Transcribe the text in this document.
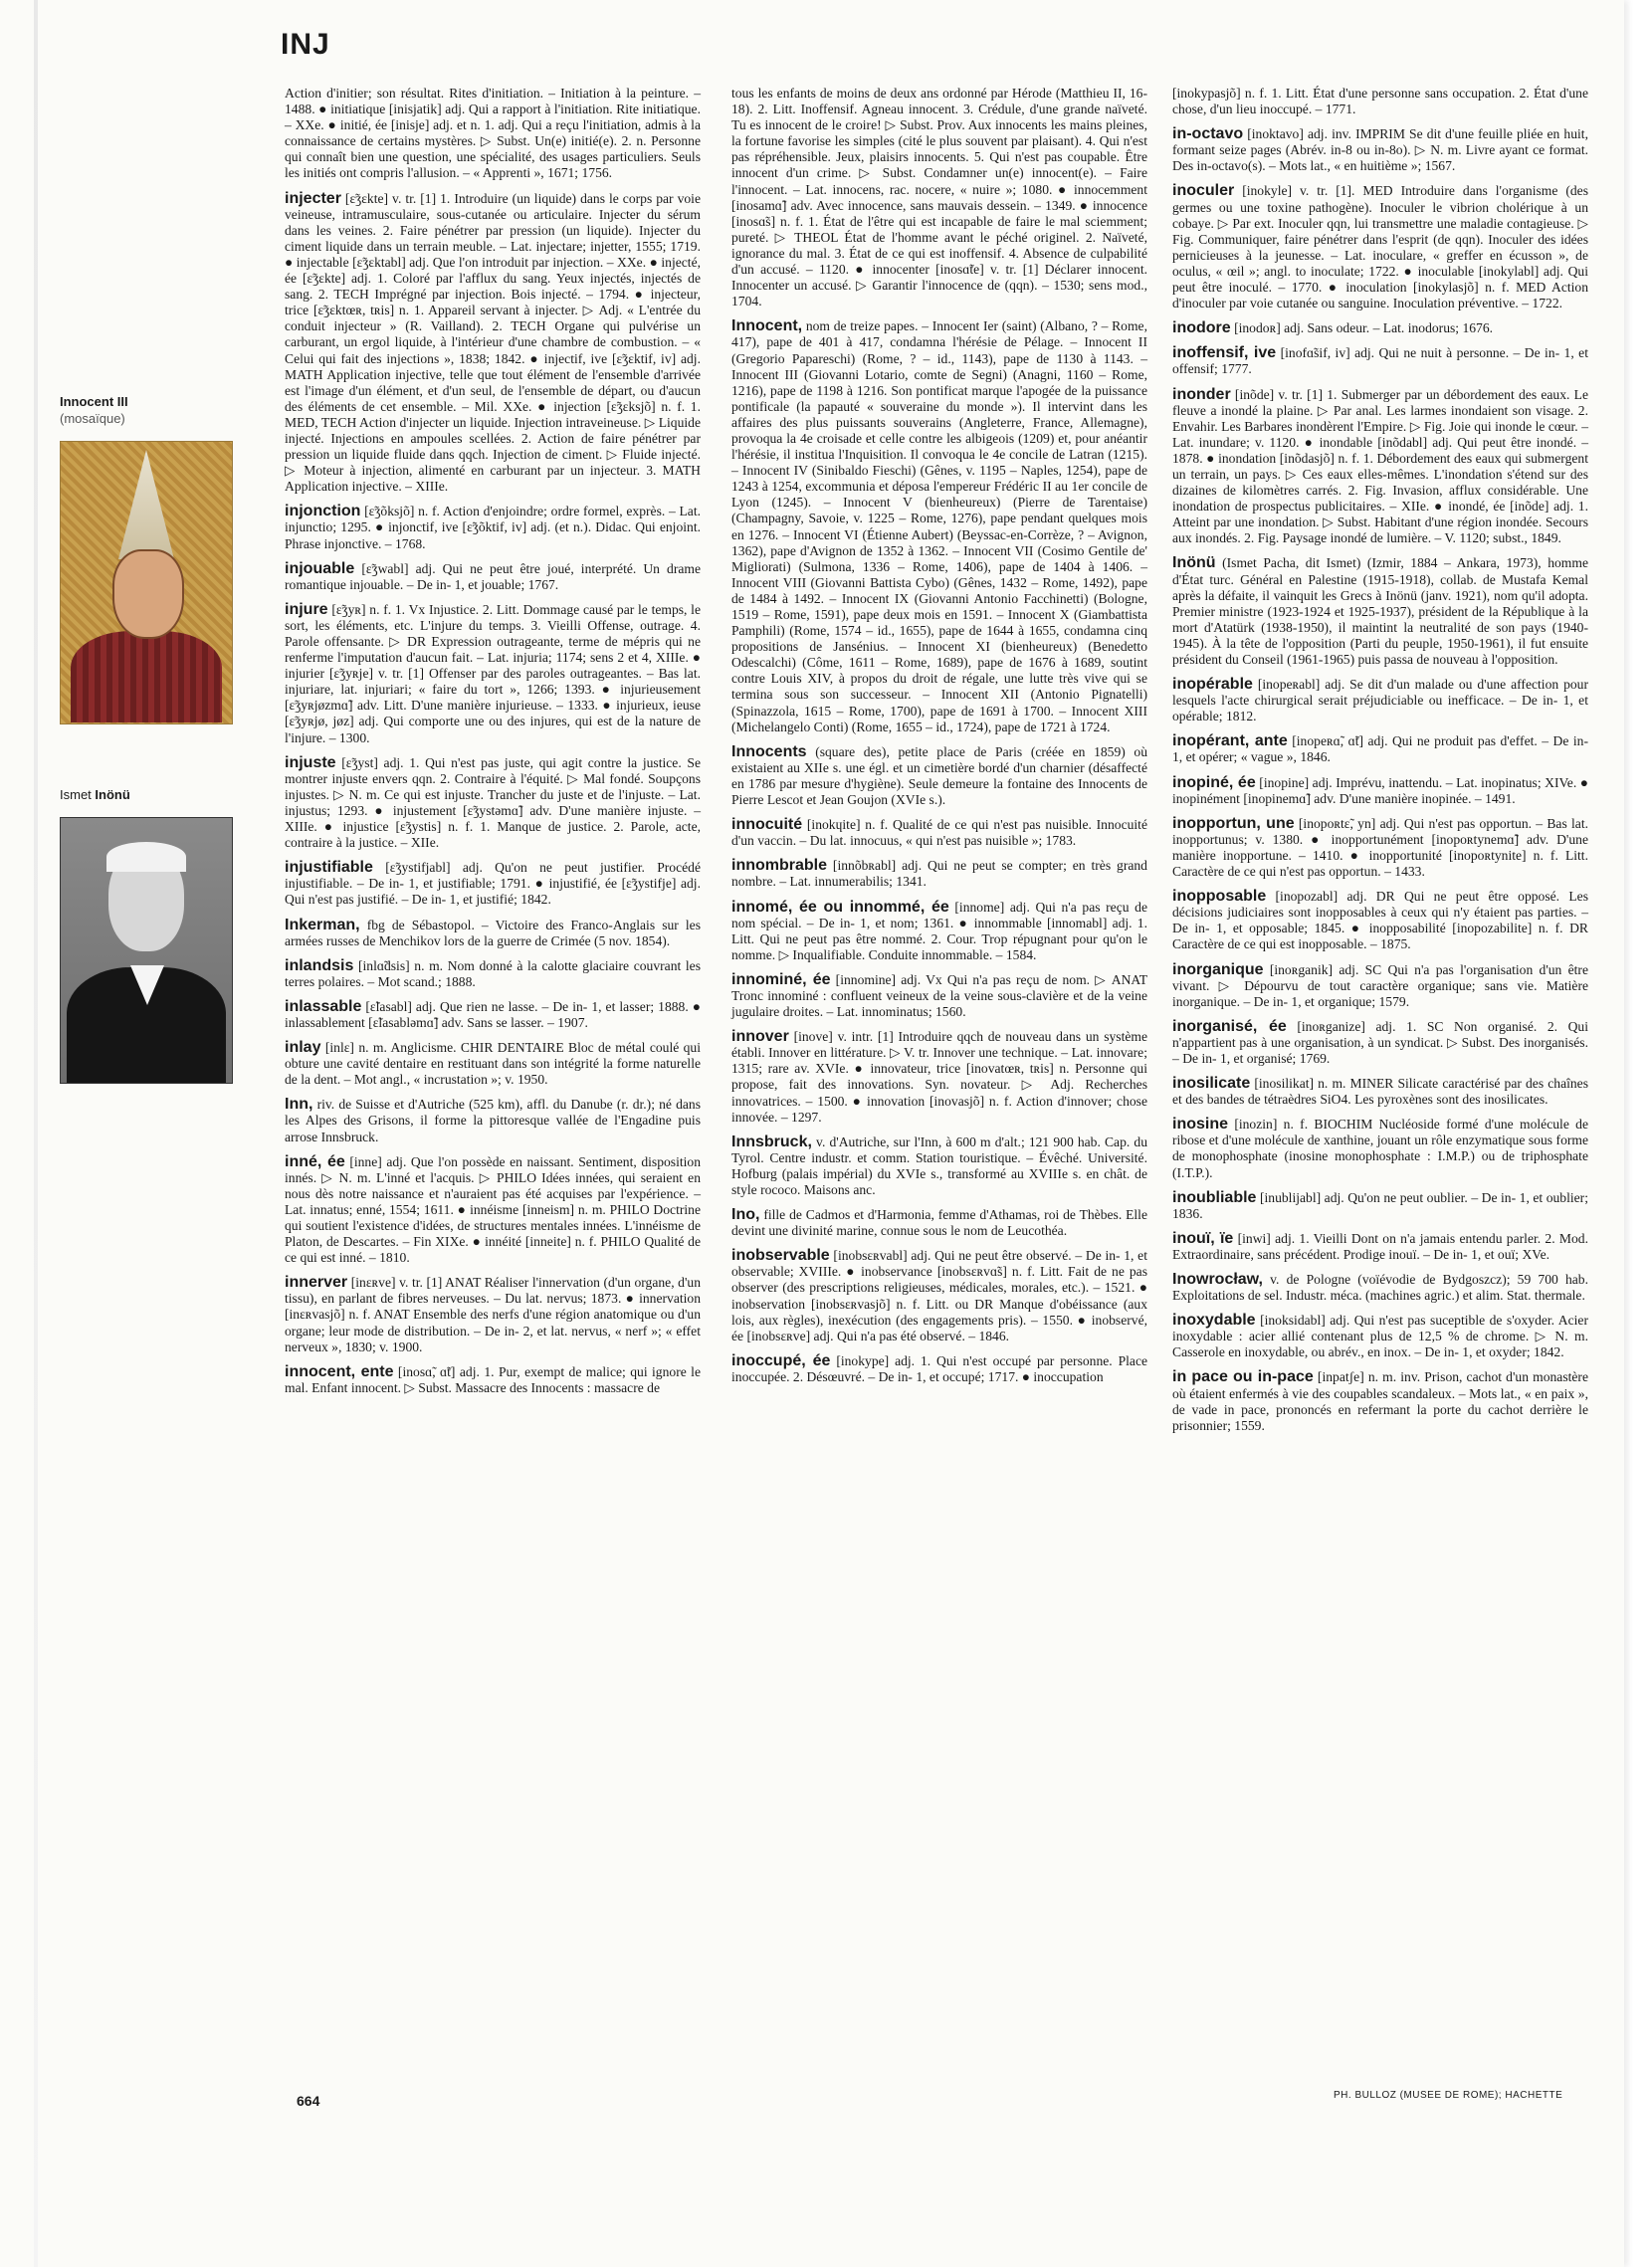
INJ
Innocent III
(mosaïque)
Ismet Inönü

Action d'initier; son résultat. Rites d'initiation. – Initiation à la peinture. – 1488. ● initiatique [inisjatik] adj. Qui a rapport à l'initiation. Rite initiatique. – XXe. ● initié, ée [inisje] adj. et n. 1. adj. Qui a reçu l'initiation, admis à la connaissance de certains mystères. ▷ Subst. Un(e) initié(e). 2. n. Personne qui connaît bien une question, une spécialité, des usages particuliers. Seuls les initiés ont compris l'allusion. – « Apprenti », 1671; 1756.

injecter [ɛ̃ʒɛkte] v. tr. [1] 1. Introduire (un liquide) dans le corps par voie veineuse, intramusculaire, sous-cutanée ou articulaire. Injecter du sérum dans les veines. 2. Faire pénétrer par pression (un liquide). Injecter du ciment liquide dans un terrain meuble. – Lat. injectare; injetter, 1555; 1719. ● injectable [ɛ̃ʒɛktabl] adj. Que l'on introduit par injection. – XXe. ● injecté, ée [ɛ̃ʒɛkte] adj. 1. Coloré par l'afflux du sang. Yeux injectés, injectés de sang. 2. TECH Imprégné par injection. Bois injecté. – 1794. ● injecteur, trice [ɛ̃ʒɛktœʀ, tʀis] n. 1. Appareil servant à injecter. ▷ Adj. « L'entrée du conduit injecteur » (R. Vailland). 2. TECH Organe qui pulvérise un carburant, un ergol liquide, à l'intérieur d'une chambre de combustion. – « Celui qui fait des injections », 1838; 1842. ● injectif, ive [ɛ̃ʒɛktif, iv] adj. MATH Application injective, telle que tout élément de l'ensemble d'arrivée est l'image d'un élément, et d'un seul, de l'ensemble de départ, ou d'aucun des éléments de cet ensemble. – Mil. XXe. ● injection [ɛ̃ʒɛksjõ] n. f. 1. MED, TECH Action d'injecter un liquide. Injection intraveineuse. ▷ Liquide injecté. Injections en ampoules scellées. 2. Action de faire pénétrer par pression un liquide fluide dans qqch. Injection de ciment. ▷ Fluide injecté. ▷ Moteur à injection, alimenté en carburant par un injecteur. 3. MATH Application injective. – XIIIe.

injonction [ɛ̃ʒõksjõ] n. f. Action d'enjoindre; ordre formel, exprès. – Lat. injunctio; 1295. ● injonctif, ive [ɛ̃ʒõktif, iv] adj. (et n.). Didac. Qui enjoint. Phrase injonctive. – 1768.

injouable [ɛ̃ʒwabl] adj. Qui ne peut être joué, interprété. Un drame romantique injouable. – De in- 1, et jouable; 1767.

injure [ɛ̃ʒyʀ] n. f. 1. Vx Injustice. 2. Litt. Dommage causé par le temps, le sort, les éléments, etc. L'injure du temps. 3. Vieilli Offense, outrage. 4. Parole offensante. ▷ DR Expression outrageante, terme de mépris qui ne renferme l'imputation d'aucun fait. – Lat. injuria; 1174; sens 2 et 4, XIIIe. ● injurier [ɛ̃ʒyʀje] v. tr. [1] Offenser par des paroles outrageantes. – Bas lat. injuriare, lat. injuriari; « faire du tort », 1266; 1393. ● injurieusement [ɛ̃ʒyʀjøzmɑ̃] adv. Litt. D'une manière injurieuse. – 1333. ● injurieux, ieuse [ɛ̃ʒyʀjø, jøz] adj. Qui comporte une ou des injures, qui est de la nature de l'injure. – 1300.

injuste [ɛ̃ʒyst] adj. 1. Qui n'est pas juste, qui agit contre la justice. Se montrer injuste envers qqn. 2. Contraire à l'équité. ▷ Mal fondé. Soupçons injustes. ▷ N. m. Ce qui est injuste. Trancher du juste et de l'injuste. – Lat. injustus; 1293. ● injustement [ɛ̃ʒystəmɑ̃] adv. D'une manière injuste. – XIIIe. ● injustice [ɛ̃ʒystis] n. f. 1. Manque de justice. 2. Parole, acte, contraire à la justice. – XIIe.

injustifiable [ɛ̃ʒystifjabl] adj. Qu'on ne peut justifier. Procédé injustifiable. – De in- 1, et justifiable; 1791. ● injustifié, ée [ɛ̃ʒystifje] adj. Qui n'est pas justifié. – De in- 1, et justifié; 1842.

Inkerman, fbg de Sébastopol. – Victoire des Franco-Anglais sur les armées russes de Menchikov lors de la guerre de Crimée (5 nov. 1854).

inlandsis [inlɑ̃dsis] n. m. Nom donné à la calotte glaciaire couvrant les terres polaires. – Mot scand.; 1888.

inlassable [ɛ̃lasabl] adj. Que rien ne lasse. – De in- 1, et lasser; 1888. ● inlassablement [ɛ̃lasabləmɑ̃] adv. Sans se lasser. – 1907.

inlay [inlɛ] n. m. Anglicisme. CHIR DENTAIRE Bloc de métal coulé qui obture une cavité dentaire en restituant dans son intégrité la forme naturelle de la dent. – Mot angl., « incrustation »; v. 1950.

Inn, riv. de Suisse et d'Autriche (525 km), affl. du Danube (r. dr.); né dans les Alpes des Grisons, il forme la pittoresque vallée de l'Engadine puis arrose Innsbruck.

inné, ée [inne] adj. Que l'on possède en naissant. Sentiment, disposition innés. ▷ N. m. L'inné et l'acquis. ▷ PHILO Idées innées, qui seraient en nous dès notre naissance et n'auraient pas été acquises par l'expérience. – Lat. innatus; enné, 1554; 1611. ● innéisme [inneism] n. m. PHILO Doctrine qui soutient l'existence d'idées, de structures mentales innées. L'innéisme de Platon, de Descartes. – Fin XIXe. ● innéité [inneite] n. f. PHILO Qualité de ce qui est inné. – 1810.

innerver [inɛʀve] v. tr. [1] ANAT Réaliser l'innervation (d'un organe, d'un tissu), en parlant de fibres nerveuses. – Du lat. nervus; 1873. ● innervation [inɛʀvasjõ] n. f. ANAT Ensemble des nerfs d'une région anatomique ou d'un organe; leur mode de distribution. – De in- 2, et lat. nervus, « nerf »; « effet nerveux », 1830; v. 1900.

innocent, ente [inosɑ̃, ɑ̃t] adj. 1. Pur, exempt de malice; qui ignore le mal. Enfant innocent. ▷ Subst. Massacre des Innocents : massacre de

tous les enfants de moins de deux ans ordonné par Hérode (Matthieu II, 16-18). 2. Litt. Inoffensif. Agneau innocent. 3. Crédule, d'une grande naïveté. Tu es innocent de le croire! ▷ Subst. Prov. Aux innocents les mains pleines, la fortune favorise les simples (cité le plus souvent par plaisant). 4. Qui n'est pas répréhensible. Jeux, plaisirs innocents. 5. Qui n'est pas coupable. Être innocent d'un crime. ▷ Subst. Condamner un(e) innocent(e). – Faire l'innocent. – Lat. innocens, rac. nocere, « nuire »; 1080. ● innocemment [inosamɑ̃] adv. Avec innocence, sans mauvais dessein. – 1349. ● innocence [inosɑ̃s] n. f. 1. État de l'être qui est incapable de faire le mal sciemment; pureté. ▷ THEOL État de l'homme avant le péché originel. 2. Naïveté, ignorance du mal. 3. État de ce qui est inoffensif. 4. Absence de culpabilité d'un accusé. – 1120. ● innocenter [inosɑ̃te] v. tr. [1] Déclarer innocent. Innocenter un accusé. ▷ Garantir l'innocence de (qqn). – 1530; sens mod., 1704.

Innocent, nom de treize papes. – Innocent Ier (saint) (Albano, ? – Rome, 417), pape de 401 à 417, condamna l'hérésie de Pélage. – Innocent II (Gregorio Papareschi) (Rome, ? – id., 1143), pape de 1130 à 1143. – Innocent III (Giovanni Lotario, comte de Segni) (Anagni, 1160 – Rome, 1216), pape de 1198 à 1216. Son pontificat marque l'apogée de la puissance pontificale (la papauté « souveraine du monde »). Il intervint dans les affaires des plus puissants souverains (Angleterre, France, Allemagne), provoqua la 4e croisade et celle contre les albigeois (1209) et, pour anéantir l'hérésie, il institua l'Inquisition. Il convoqua le 4e concile de Latran (1215). – Innocent IV (Sinibaldo Fieschi) (Gênes, v. 1195 – Naples, 1254), pape de 1243 à 1254, excommunia et déposa l'empereur Frédéric II au 1er concile de Lyon (1245). – Innocent V (bienheureux) (Pierre de Tarentaise) (Champagny, Savoie, v. 1225 – Rome, 1276), pape pendant quelques mois en 1276. – Innocent VI (Étienne Aubert) (Beyssac-en-Corrèze, ? – Avignon, 1362), pape d'Avignon de 1352 à 1362. – Innocent VII (Cosimo Gentile de' Migliorati) (Sulmona, 1336 – Rome, 1406), pape de 1404 à 1406. – Innocent VIII (Giovanni Battista Cybo) (Gênes, 1432 – Rome, 1492), pape de 1484 à 1492. – Innocent IX (Giovanni Antonio Facchinetti) (Bologne, 1519 – Rome, 1591), pape deux mois en 1591. – Innocent X (Giambattista Pamphili) (Rome, 1574 – id., 1655), pape de 1644 à 1655, condamna cinq propositions de Jansénius. – Innocent XI (bienheureux) (Benedetto Odescalchi) (Côme, 1611 – Rome, 1689), pape de 1676 à 1689, soutint contre Louis XIV, à propos du droit de régale, une lutte très vive qui se termina sous son successeur. – Innocent XII (Antonio Pignatelli) (Spinazzola, 1615 – Rome, 1700), pape de 1691 à 1700. – Innocent XIII (Michelangelo Conti) (Rome, 1655 – id., 1724), pape de 1721 à 1724.

Innocents (square des), petite place de Paris (créée en 1859) où existaient au XIIe s. une égl. et un cimetière bordé d'un charnier (désaffecté en 1786 par mesure d'hygiène). Seule demeure la fontaine des Innocents de Pierre Lescot et Jean Goujon (XVIe s.).

innocuité [inokɥite] n. f. Qualité de ce qui n'est pas nuisible. Innocuité d'un vaccin. – Du lat. innocuus, « qui n'est pas nuisible »; 1783.

innombrable [innõbʀabl] adj. Qui ne peut se compter; en très grand nombre. – Lat. innumerabilis; 1341.

innomé, ée ou innommé, ée [innome] adj. Qui n'a pas reçu de nom spécial. – De in- 1, et nom; 1361. ● innommable [innomabl] adj. 1. Litt. Qui ne peut pas être nommé. 2. Cour. Trop répugnant pour qu'on le nomme. ▷ Inqualifiable. Conduite innommable. – 1584.

innominé, ée [innomine] adj. Vx Qui n'a pas reçu de nom. ▷ ANAT Tronc innominé : confluent veineux de la veine sous-clavière et de la veine jugulaire droites. – Lat. innominatus; 1560.

innover [inove] v. intr. [1] Introduire qqch de nouveau dans un système établi. Innover en littérature. ▷ V. tr. Innover une technique. – Lat. innovare; 1315; rare av. XVIe. ● innovateur, trice [inovatœʀ, tʀis] n. Personne qui propose, fait des innovations. Syn. novateur. ▷ Adj. Recherches innovatrices. – 1500. ● innovation [inovasjõ] n. f. Action d'innover; chose innovée. – 1297.

Innsbruck, v. d'Autriche, sur l'Inn, à 600 m d'alt.; 121 900 hab. Cap. du Tyrol. Centre industr. et comm. Station touristique. – Évêché. Université. Hofburg (palais impérial) du XVIe s., transformé au XVIIIe s. en chât. de style rococo. Maisons anc.

Ino, fille de Cadmos et d'Harmonia, femme d'Athamas, roi de Thèbes. Elle devint une divinité marine, connue sous le nom de Leucothéa.

inobservable [inobsɛʀvabl] adj. Qui ne peut être observé. – De in- 1, et observable; XVIIIe. ● inobservance [inobsɛʀvɑ̃s] n. f. Litt. Fait de ne pas observer (des prescriptions religieuses, médicales, morales, etc.). – 1521. ● inobservation [inobsɛʀvasjõ] n. f. Litt. ou DR Manque d'obéissance (aux lois, aux règles), inexécution (des engagements pris). – 1550. ● inobservé, ée [inobsɛʀve] adj. Qui n'a pas été observé. – 1846.

inoccupé, ée [inokype] adj. 1. Qui n'est occupé par personne. Place inoccupée. 2. Désœuvré. – De in- 1, et occupé; 1717. ● inoccupation

[inokypasjõ] n. f. 1. Litt. État d'une personne sans occupation. 2. État d'une chose, d'un lieu inoccupé. – 1771.

in-octavo [inoktavo] adj. inv. IMPRIM Se dit d'une feuille pliée en huit, formant seize pages (Abrév. in-8 ou in-8o). ▷ N. m. Livre ayant ce format. Des in-octavo(s). – Mots lat., « en huitième »; 1567.

inoculer [inokyle] v. tr. [1]. MED Introduire dans l'organisme (des germes ou une toxine pathogène). Inoculer le vibrion cholérique à un cobaye. ▷ Par ext. Inoculer qqn, lui transmettre une maladie contagieuse. ▷ Fig. Communiquer, faire pénétrer dans l'esprit (de qqn). Inoculer des idées pernicieuses à la jeunesse. – Lat. inoculare, « greffer en écusson », de oculus, « œil »; angl. to inoculate; 1722. ● inoculable [inokylabl] adj. Qui peut être inoculé. – 1770. ● inoculation [inokylasjõ] n. f. MED Action d'inoculer par voie cutanée ou sanguine. Inoculation préventive. – 1722.

inodore [inodoʀ] adj. Sans odeur. – Lat. inodorus; 1676.

inoffensif, ive [inofɑ̃sif, iv] adj. Qui ne nuit à personne. – De in- 1, et offensif; 1777.

inonder [inõde] v. tr. [1] 1. Submerger par un débordement des eaux. Le fleuve a inondé la plaine. ▷ Par anal. Les larmes inondaient son visage. 2. Envahir. Les Barbares inondèrent l'Empire. ▷ Fig. Joie qui inonde le cœur. – Lat. inundare; v. 1120. ● inondable [inõdabl] adj. Qui peut être inondé. – 1878. ● inondation [inõdasjõ] n. f. 1. Débordement des eaux qui submergent un terrain, un pays. ▷ Ces eaux elles-mêmes. L'inondation s'étend sur des dizaines de kilomètres carrés. 2. Fig. Invasion, afflux considérable. Une inondation de prospectus publicitaires. – XIIe. ● inondé, ée [inõde] adj. 1. Atteint par une inondation. ▷ Subst. Habitant d'une région inondée. Secours aux inondés. 2. Fig. Paysage inondé de lumière. – V. 1120; subst., 1849.

Inönü (Ismet Pacha, dit Ismet) (Izmir, 1884 – Ankara, 1973), homme d'État turc. Général en Palestine (1915-1918), collab. de Mustafa Kemal après la défaite, il vainquit les Grecs à Inönü (janv. 1921), nom qu'il adopta. Premier ministre (1923-1924 et 1925-1937), président de la République à la mort d'Atatürk (1938-1950), il maintint la neutralité de son pays (1940-1945). À la tête de l'opposition (Parti du peuple, 1950-1961), il fut ensuite président du Conseil (1961-1965) puis passa de nouveau à l'opposition.

inopérable [inopeʀabl] adj. Se dit d'un malade ou d'une affection pour lesquels l'acte chirurgical serait préjudiciable ou inefficace. – De in- 1, et opérable; 1812.

inopérant, ante [inopeʀɑ̃, ɑ̃t] adj. Qui ne produit pas d'effet. – De in- 1, et opérer; « vague », 1846.

inopiné, ée [inopine] adj. Imprévu, inattendu. – Lat. inopinatus; XIVe. ● inopinément [inopinemɑ̃] adv. D'une manière inopinée. – 1491.

inopportun, une [inopoʀtɛ̃, yn] adj. Qui n'est pas opportun. – Bas lat. inopportunus; v. 1380. ● inopportunément [inopoʀtynemɑ̃] adv. D'une manière inopportune. – 1410. ● inopportunité [inopoʀtynite] n. f. Litt. Caractère de ce qui n'est pas opportun. – 1433.

inopposable [inopozabl] adj. DR Qui ne peut être opposé. Les décisions judiciaires sont inopposables à ceux qui n'y étaient pas parties. – De in- 1, et opposable; 1845. ● inopposabilité [inopozabilite] n. f. DR Caractère de ce qui est inopposable. – 1875.

inorganique [inoʀganik] adj. SC Qui n'a pas l'organisation d'un être vivant. ▷ Dépourvu de tout caractère organique; sans vie. Matière inorganique. – De in- 1, et organique; 1579.

inorganisé, ée [inoʀganize] adj. 1. SC Non organisé. 2. Qui n'appartient pas à une organisation, à un syndicat. ▷ Subst. Des inorganisés. – De in- 1, et organisé; 1769.

inosilicate [inosilikat] n. m. MINER Silicate caractérisé par des chaînes et des bandes de tétraèdres SiO4. Les pyroxènes sont des inosilicates.

inosine [inozin] n. f. BIOCHIM Nucléoside formé d'une molécule de ribose et d'une molécule de xanthine, jouant un rôle enzymatique sous forme de monophosphate (inosine monophosphate : I.M.P.) ou de triphosphate (I.T.P.).

inoubliable [inublijabl] adj. Qu'on ne peut oublier. – De in- 1, et oublier; 1836.

inouï, ïe [inwi] adj. 1. Vieilli Dont on n'a jamais entendu parler. 2. Mod. Extraordinaire, sans précédent. Prodige inouï. – De in- 1, et ouï; XVe.

Inowrocław, v. de Pologne (voïévodie de Bydgoszcz); 59 700 hab. Exploitations de sel. Industr. méca. (machines agric.) et alim. Stat. thermale.

inoxydable [inoksidabl] adj. Qui n'est pas suceptible de s'oxyder. Acier inoxydable : acier allié contenant plus de 12,5 % de chrome. ▷ N. m. Casserole en inoxydable, ou abrév., en inox. – De in- 1, et oxyder; 1842.

in pace ou in-pace [inpatʃe] n. m. inv. Prison, cachot d'un monastère où étaient enfermés à vie des coupables scandaleux. – Mots lat., « en paix », de vade in pace, prononcés en refermant la porte du cachot derrière le prisonnier; 1559.

664	PH. BULLOZ (MUSEE DE ROME); HACHETTE
